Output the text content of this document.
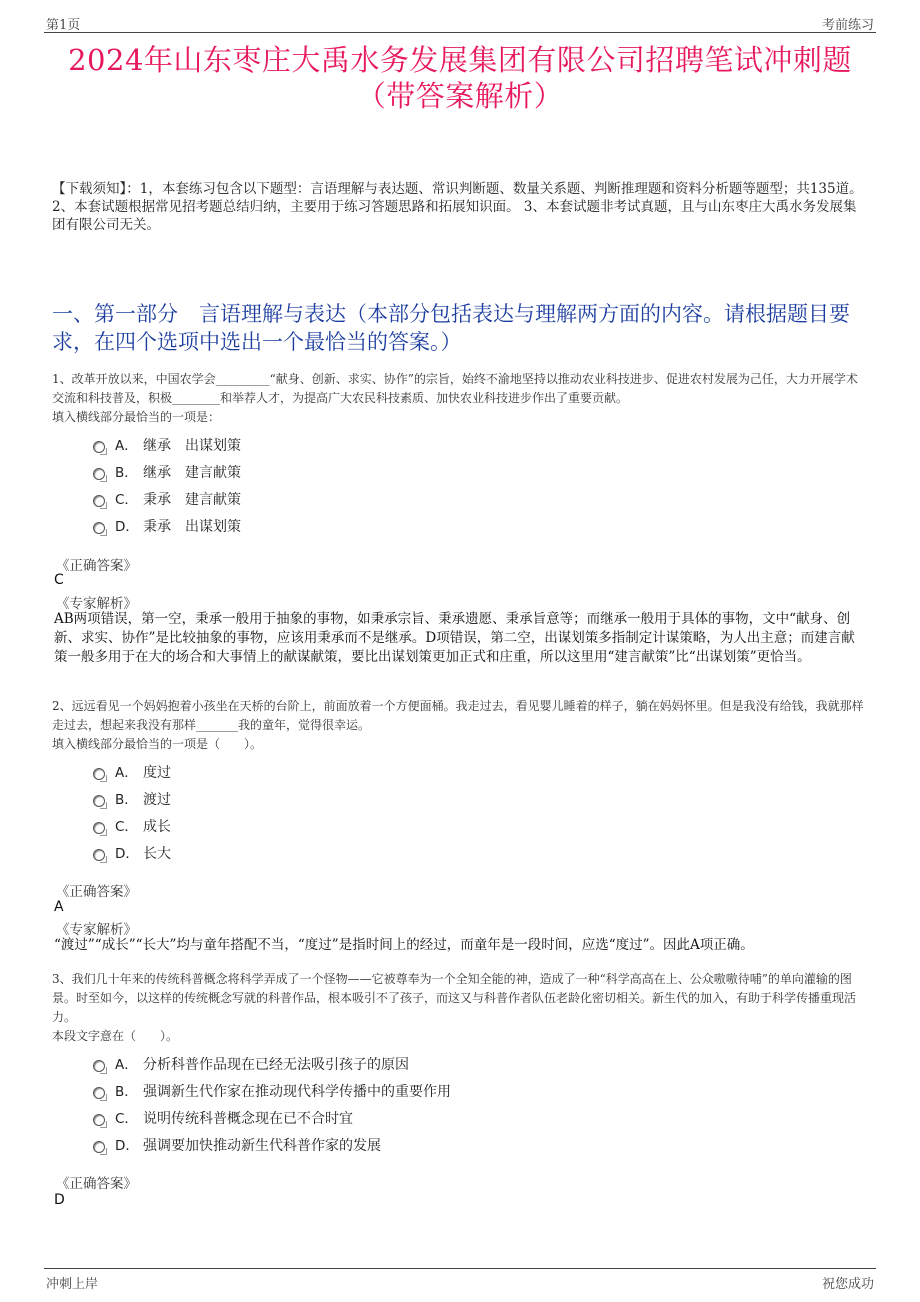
第1页	考前练习
2024年山东枣庄大禹水务发展集团有限公司招聘笔试冲刺题
（带答案解析）
【下载须知】：1，本套练习包含以下题型：言语理解与表达题、常识判断题、数量关系题、判断推理题和资料分析题等题型；共135道。 2、本套试题根据常见招考题总结归纳，主要用于练习答题思路和拓展知识面。 3、本套试题非考试真题，且与山东枣庄大禹水务发展集团有限公司无关。
一、第一部分　言语理解与表达（本部分包括表达与理解两方面的内容。请根据题目要求，在四个选项中选出一个最恰当的答案。）
1、改革开放以来，中国农学会_________“献身、创新、求实、协作”的宗旨，始终不渝地坚持以推动农业科技进步、促进农村发展为己任，大力开展学术交流和科技普及，积极________和举荐人才，为提高广大农民科技素质、加快农业科技进步作出了重要贡献。
填入横线部分最恰当的一项是：
A． 继承　出谋划策
B． 继承　建言献策
C． 秉承　建言献策
D． 秉承　出谋划策
《正确答案》
C
《专家解析》
AB两项错误，第一空，秉承一般用于抽象的事物，如秉承宗旨、秉承遗愿、秉承旨意等；而继承一般用于具体的事物，文中“献身、创新、求实、协作”是比较抽象的事物，应该用秉承而不是继承。D项错误，第二空，出谋划策多指制定计谋策略，为人出主意；而建言献策一般多用于在大的场合和大事情上的献谋献策，要比出谋划策更加正式和庄重，所以这里用“建言献策”比“出谋划策”更恰当。
2、远远看见一个妈妈抱着小孩坐在天桥的台阶上，前面放着一个方便面桶。我走过去，看见婴儿睡着的样子，躺在妈妈怀里。但是我没有给钱，我就那样走过去，想起来我没有那样_______我的童年，觉得很幸运。
填入横线部分最恰当的一项是（　　）。
A． 度过
B． 渡过
C． 成长
D． 长大
《正确答案》
A
《专家解析》
“渡过”“成长”“长大”均与童年搭配不当，“度过”是指时间上的经过，而童年是一段时间，应选“度过”。因此A项正确。
3、我们几十年来的传统科普概念将科学弄成了一个怪物——它被尊奉为一个全知全能的神，造成了一种“科学高高在上、公众嗷嗷待哺”的单向灌输的图景。时至如今，以这样的传统概念写就的科普作品，根本吸引不了孩子，而这又与科普作者队伍老龄化密切相关。新生代的加入，有助于科学传播重现活力。
本段文字意在（　　）。
A． 分析科普作品现在已经无法吸引孩子的原因
B． 强调新生代作家在推动现代科学传播中的重要作用
C． 说明传统科普概念现在已不合时宜
D． 强调要加快推动新生代科普作家的发展
《正确答案》
D
冲刺上岸	祝您成功
